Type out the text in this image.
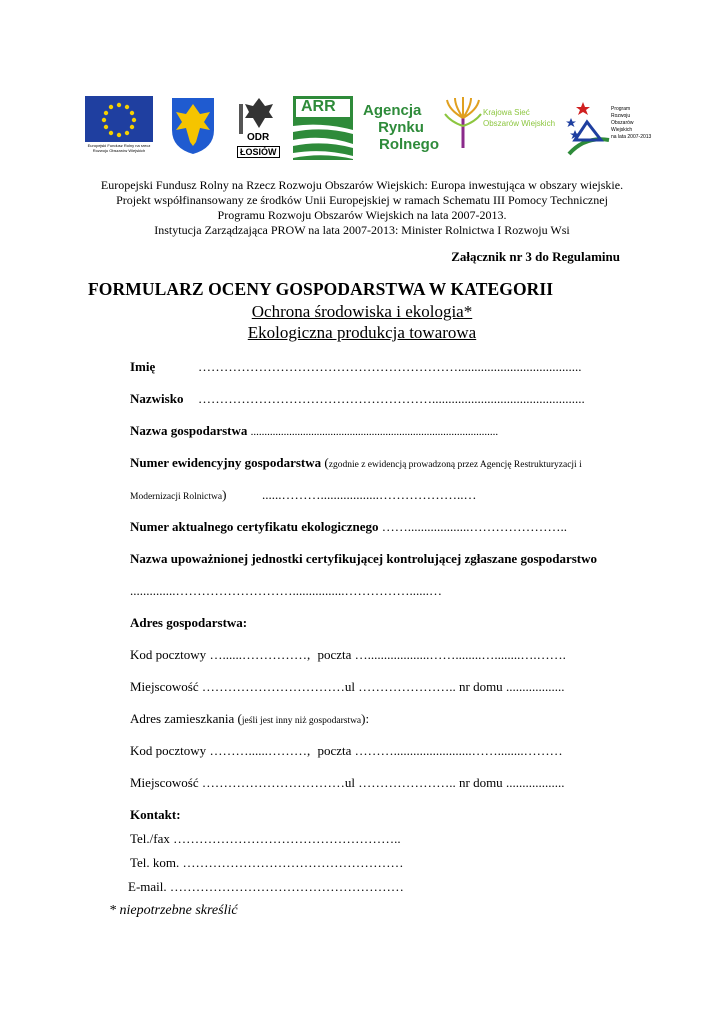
Europejski Fundusz Rolny na rzecz Rozwoju Obszarów Wiejskich
ODR
ŁOSIÓW
ARR Agencja
Rynku
Rolnego
Krajowa Sieć
Obszarów Wiejskich
Program
Rozwoju
Obszarów
Wiejskich
na lata 2007-2013
Europejski Fundusz Rolny na Rzecz Rozwoju Obszarów Wiejskich: Europa inwestująca w obszary wiejskie.
Projekt współfinansowany ze środków Unii Europejskiej w ramach Schematu III Pomocy Technicznej
Programu Rozwoju Obszarów Wiejskich na lata 2007-2013.
Instytucja Zarządzająca PROW na lata 2007-2013: Minister Rolnictwa I Rozwoju Wsi
Załącznik nr 3 do Regulaminu
FORMULARZ OCENY GOSPODARSTWA W KATEGORII
Ochrona środowiska i ekologia*
Ekologiczna produkcja towarowa
Imię	……………………………………………………......................................
Nazwisko ………………………………………………...............................................
Nazwa gospodarstwa ..........................................................................................
Numer ewidencyjny gospodarstwa (zgodnie z ewidencją prowadzoną przez Agencję Restrukturyzacji i
Modernizacji Rolnictwa)	......………..................………………..…
Numer aktualnego certyfikatu ekologicznego ……...................…………………..
Nazwa upoważnionej jednostki certyfikującej kontrolującej zgłaszane gospodarstwo
..............………………………................……………......…
Adres gospodarstwa:
Kod pocztowy …......……………, poczta …...................……........…........….…….
Miejscowość ……………………………ul ………………….. nr domu ..................
Adres zamieszkania (jeśli jest inny niż gospodarstwa):
Kod pocztowy ………......………, poczta ………........................……........………
Miejscowość ……………………………ul ………………….. nr domu ..................
Kontakt:
Tel./fax ……………………………………………..
Tel. kom. ……………………………………………
E-mail. ………………………………………………
* niepotrzebne skreślić
